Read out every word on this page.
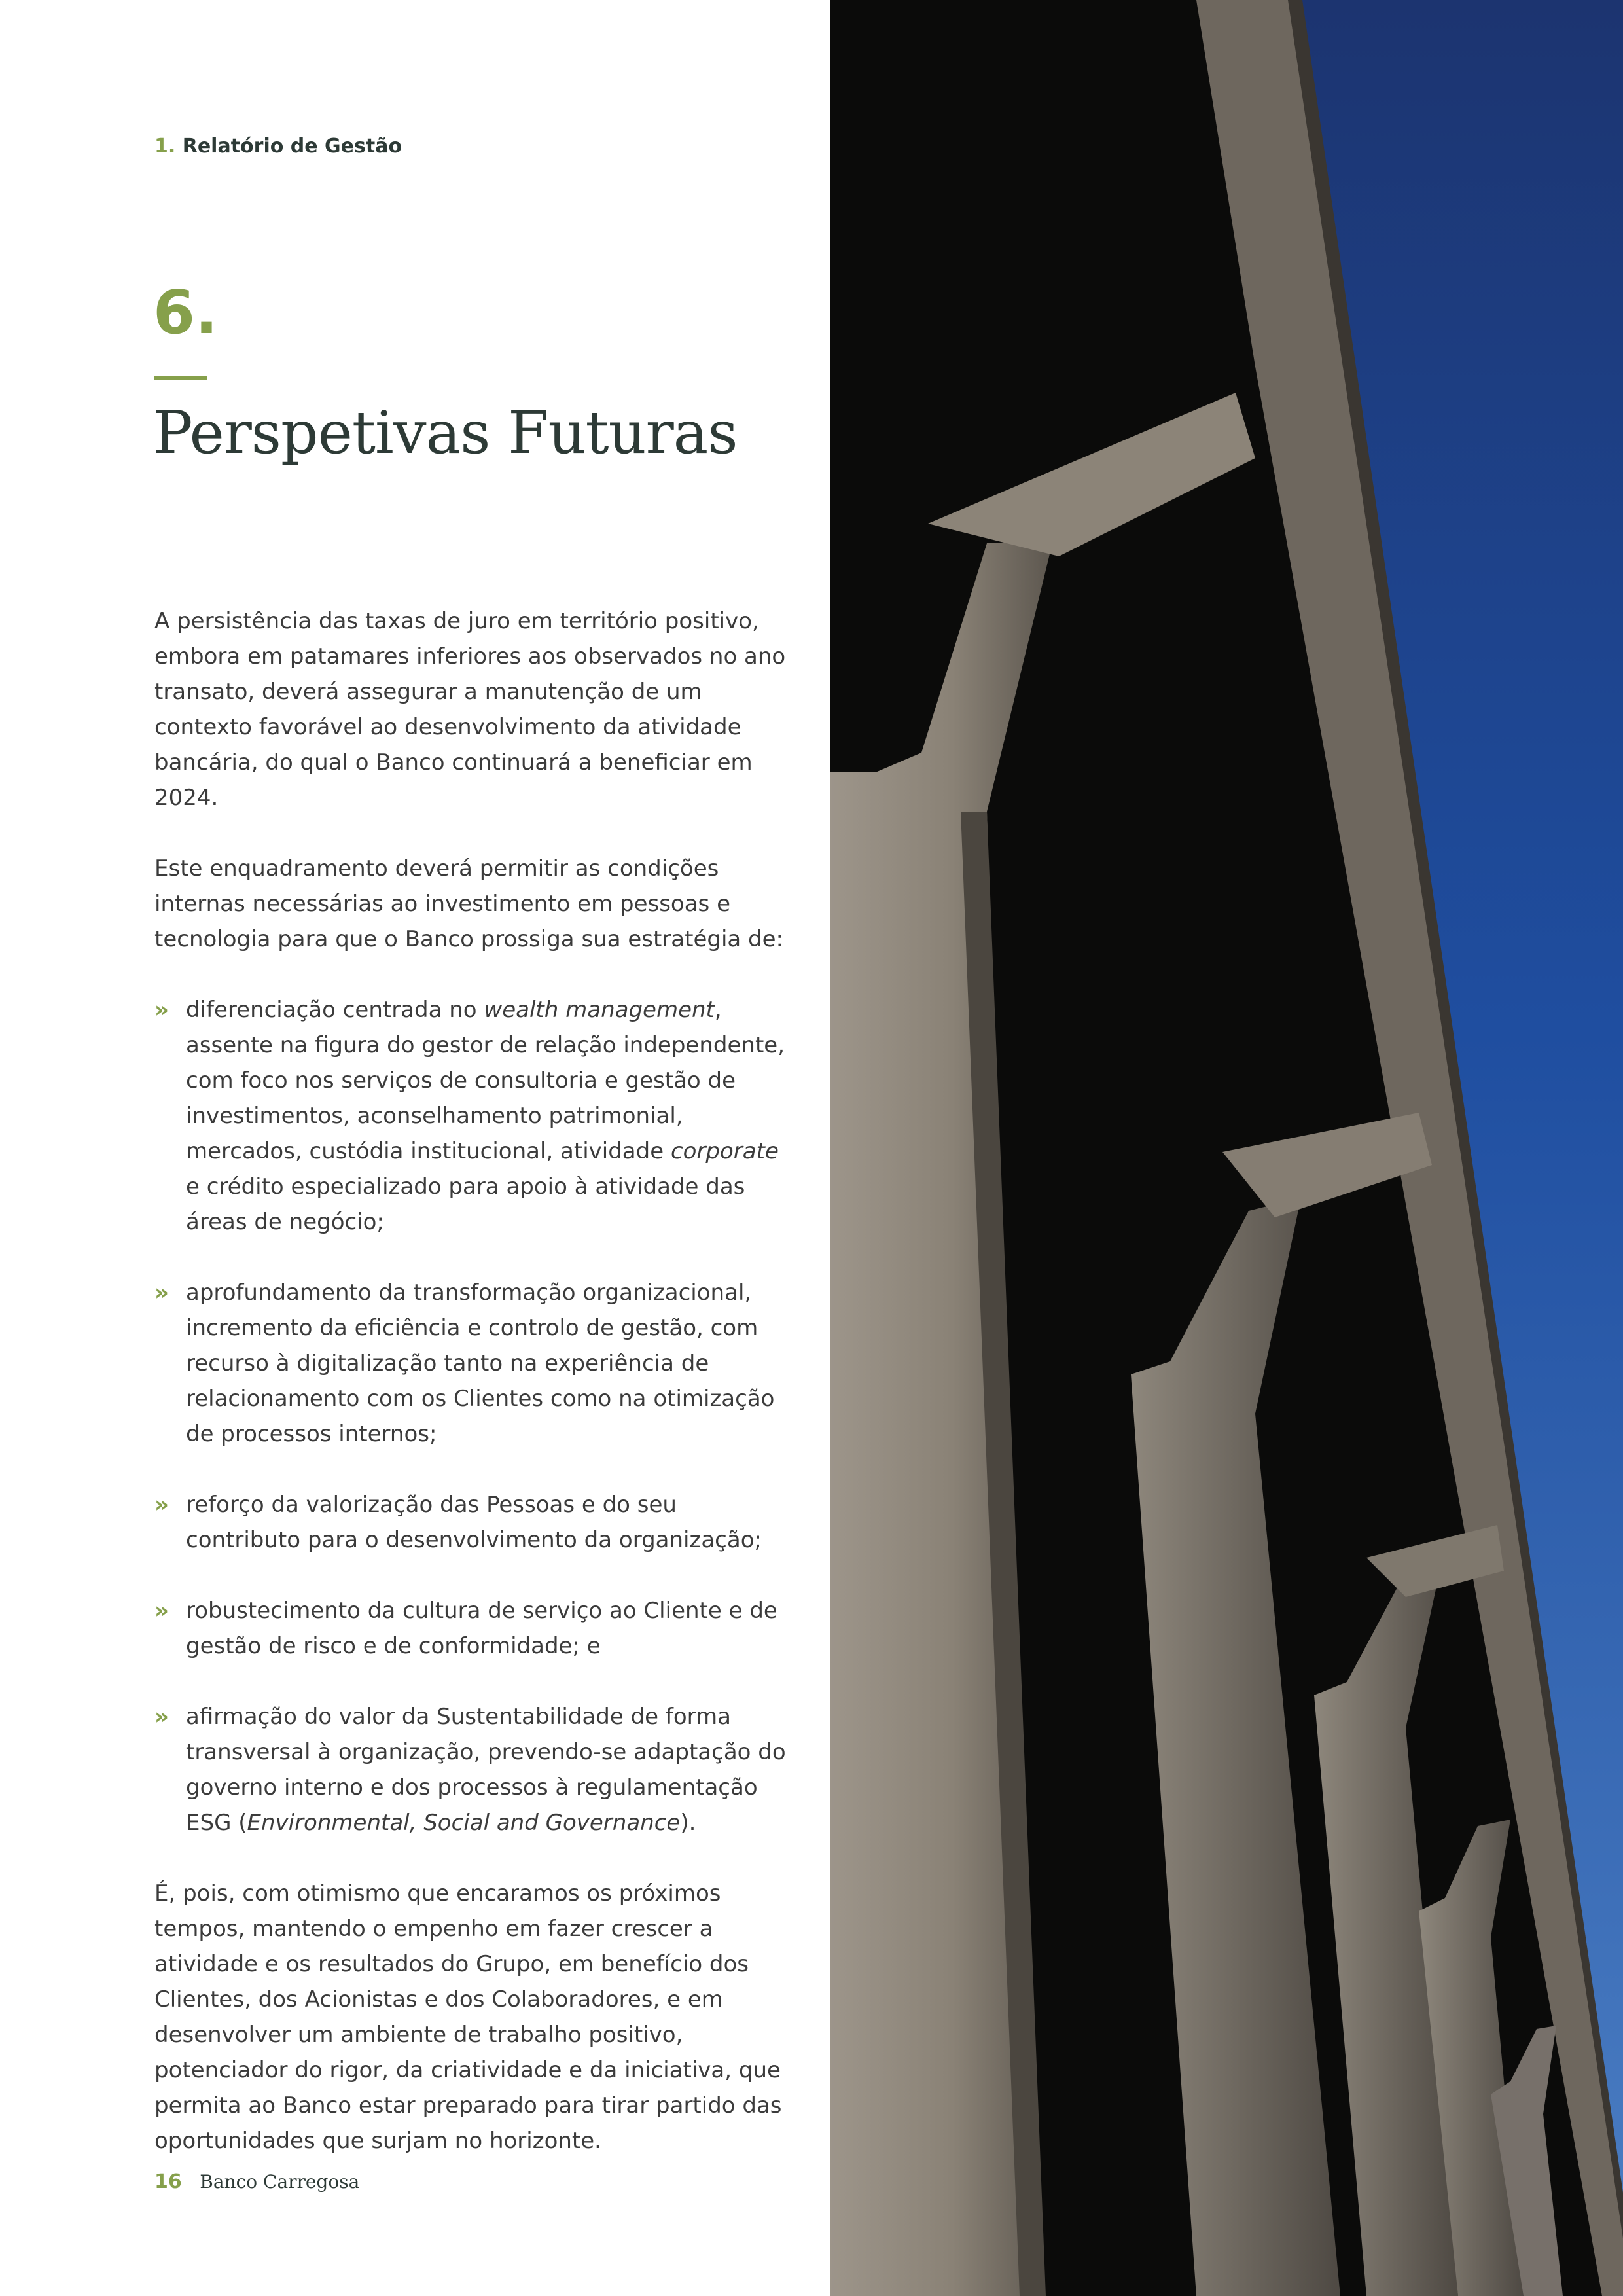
1. Relatório de Gestão
6.
Perspetivas Futuras

A persistência das taxas de juro em território positivo, embora em patamares inferiores aos observados no ano transato, deverá assegurar a manutenção de um contexto favorável ao desenvolvimento da atividade bancária, do qual o Banco continuará a beneficiar em 2024.

Este enquadramento deverá permitir as condições internas necessárias ao investimento em pessoas e tecnologia para que o Banco prossiga sua estratégia de:

» diferenciação centrada no wealth management, assente na figura do gestor de relação independente, com foco nos serviços de consultoria e gestão de investimentos, aconselhamento patrimonial, mercados, custódia institucional, atividade corporate e crédito especializado para apoio à atividade das áreas de negócio;
» aprofundamento da transformação organizacional, incremento da eficiência e controlo de gestão, com recurso à digitalização tanto na experiência de relacionamento com os Clientes como na otimização de processos internos;
» reforço da valorização das Pessoas e do seu contributo para o desenvolvimento da organização;
» robustecimento da cultura de serviço ao Cliente e de gestão de risco e de conformidade; e
» afirmação do valor da Sustentabilidade de forma transversal à organização, prevendo-se adaptação do governo interno e dos processos à regulamentação ESG (Environmental, Social and Governance).

É, pois, com otimismo que encaramos os próximos tempos, mantendo o empenho em fazer crescer a atividade e os resultados do Grupo, em benefício dos Clientes, dos Acionistas e dos Colaboradores, e em desenvolver um ambiente de trabalho positivo, potenciador do rigor, da criatividade e da iniciativa, que permita ao Banco estar preparado para tirar partido das oportunidades que surjam no horizonte.

16 Banco Carregosa
